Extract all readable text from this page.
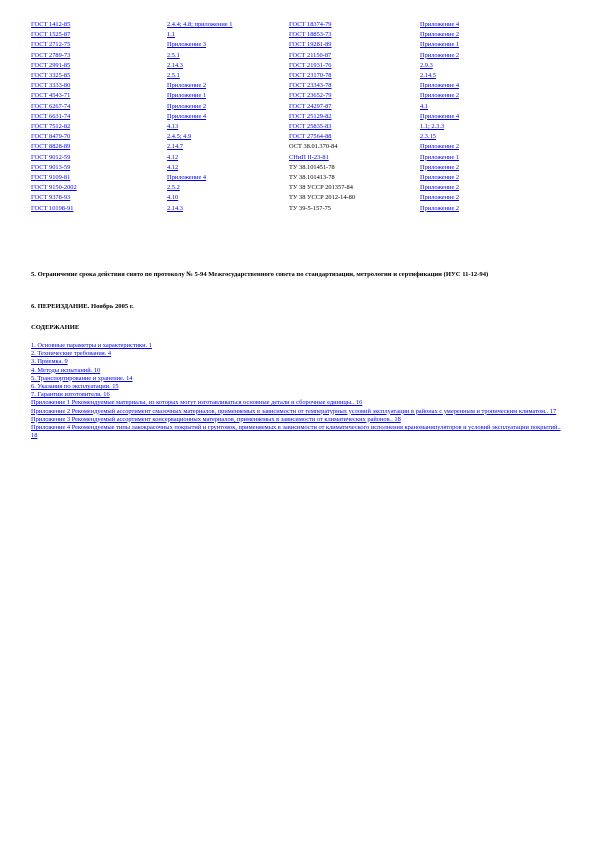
ГОСТ 1412-85	2.4.4; 4.8; приложение 1	ГОСТ 18374-79	Приложение 4
ГОСТ 1525-87	1.1	ГОСТ 18853-73	Приложение 2
ГОСТ 2712-75	Приложение 3	ГОСТ 19281-89	Приложение 1
ГОСТ 2789-73	2.5.1	ГОСТ 21150-87	Приложение 2
ГОСТ 2991-85	2.14.3	ГОСТ 21931-76	2.9.3
ГОСТ 3325-85	2.5.1	ГОСТ 23170-78	2.14.5
ГОСТ 3333-80	Приложение 2	ГОСТ 23343-78	Приложение 4
ГОСТ 4543-71	Приложение 1	ГОСТ 23652-79	Приложение 2
ГОСТ 6267-74	Приложение 2	ГОСТ 24297-87	4.1
ГОСТ 6631-74	Приложение 4	ГОСТ 25129-82	Приложение 4
ГОСТ 7512-82	4.13	ГОСТ 25835-83	1.1; 2.3.3
ГОСТ 8479-70	2.4.5; 4.9	ГОСТ 27564-88	2.3.15
ГОСТ 8828-89	2.14.7	ОСТ 38.01.370-84	Приложение 2
ГОСТ 9012-59	4.12	СНиП II-23-81	Приложение 1
ГОСТ 9013-59	4.12	ТУ 38.101451-78	Приложение 2
ГОСТ 9109-81	Приложение 4	ТУ 38.101413-78	Приложение 2
ГОСТ 9150-2002	2.5.2	ТУ 38 УССР 201357-84	Приложение 2
ГОСТ 9378-93	4.10	ТУ 38 УССР 2012-14-80	Приложение 2
ГОСТ 10198-91	2.14.3	ТУ 39-5-157-75	Приложение 2
5. Ограничение срока действия снято по протоколу № 5-94 Межгосударственного совета по стандартизации, метрологии и сертификации (ИУС 11-12-94)
6. ПЕРЕИЗДАНИЕ. Ноябрь 2005 г.
СОДЕРЖАНИЕ
1. Основные параметры и характеристики. 1
2. Технические требования. 4
3. Приемка. 9
4. Методы испытаний. 10
5. Транспортирование и хранение. 14
6. Указания по эксплуатации. 15
7. Гарантии изготовителя. 16
Приложение 1 Рекомендуемые материалы, из которых могут изготавливаться основные детали и сборочные единицы.. 16
Приложение 2 Рекомендуемый ассортимент смазочных материалов, применяемых в зависимости от температурных условий эксплуатации в районах с умеренным и тропическим климатом.. 17
Приложение 3 Рекомендуемый ассортимент консервационных материалов, применяемых в зависимости от климатических районов.. 18
Приложение 4 Рекомендуемые типы лакокрасочных покрытий и грунтовок, применяемых в зависимости от климатического исполнения краноманипуляторов и условий эксплуатации покрытий.. 18
